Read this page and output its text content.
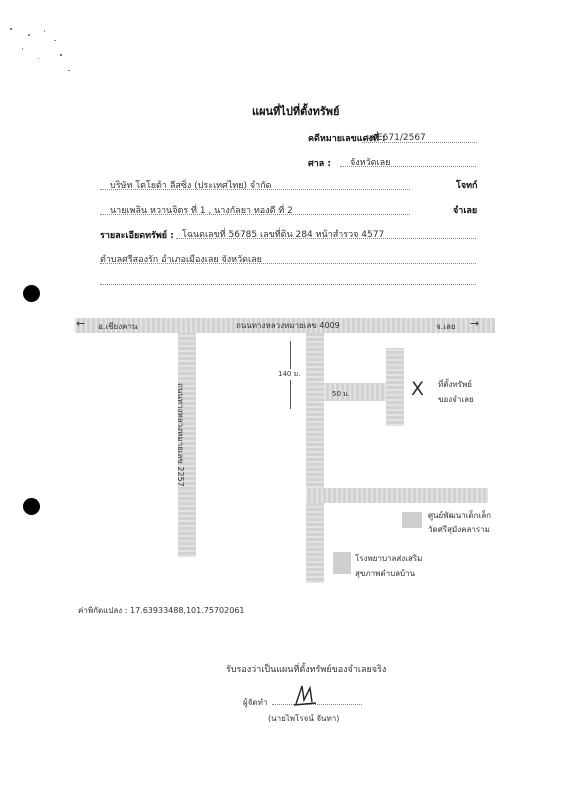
แผนที่ไปที่ตั้งทรัพย์
คดีหมายเลขแดงที่ :
ผบE671/2567
ศาล : จังหวัดเลย
บริษัท โตโยต้า ลีสซิ่ง (ประเทศไทย) จำกัด	โจทก์
นายเพลิน หวานจิตร ที่ 1 , นางกัลยา ทองดี ที่ 2	จำเลย
รายละเอียดทรัพย์ : โฉนดเลขที่ 56785 เลขที่ดิน 284 หน้าสำรวจ 4577
ตำบลศรีสองรัก อำเภอเมืองเลย จังหวัดเลย
ถนนทางหลวงหมายเลข 4009
← อ.เชียงคาน	จ.เลย →
ถนนทางหลวงหมายเลข 2257
140 ม.
50 ม.	X ที่ตั้งทรัพย์
ของจำเลย
ศูนย์พัฒนาเด็กเล็ก
วัดศรีสุมังคลาราม
โรงพยาบาลส่งเสริม
สุขภาพตำบลบ้าน
ค่าพิกัดแปลง : 17.63933488,101.75702061
รับรองว่าเป็นแผนที่ตั้งทรัพย์ของจำเลยจริง
ผู้จัดทำ
(นายไพโรจน์ จันทา)
